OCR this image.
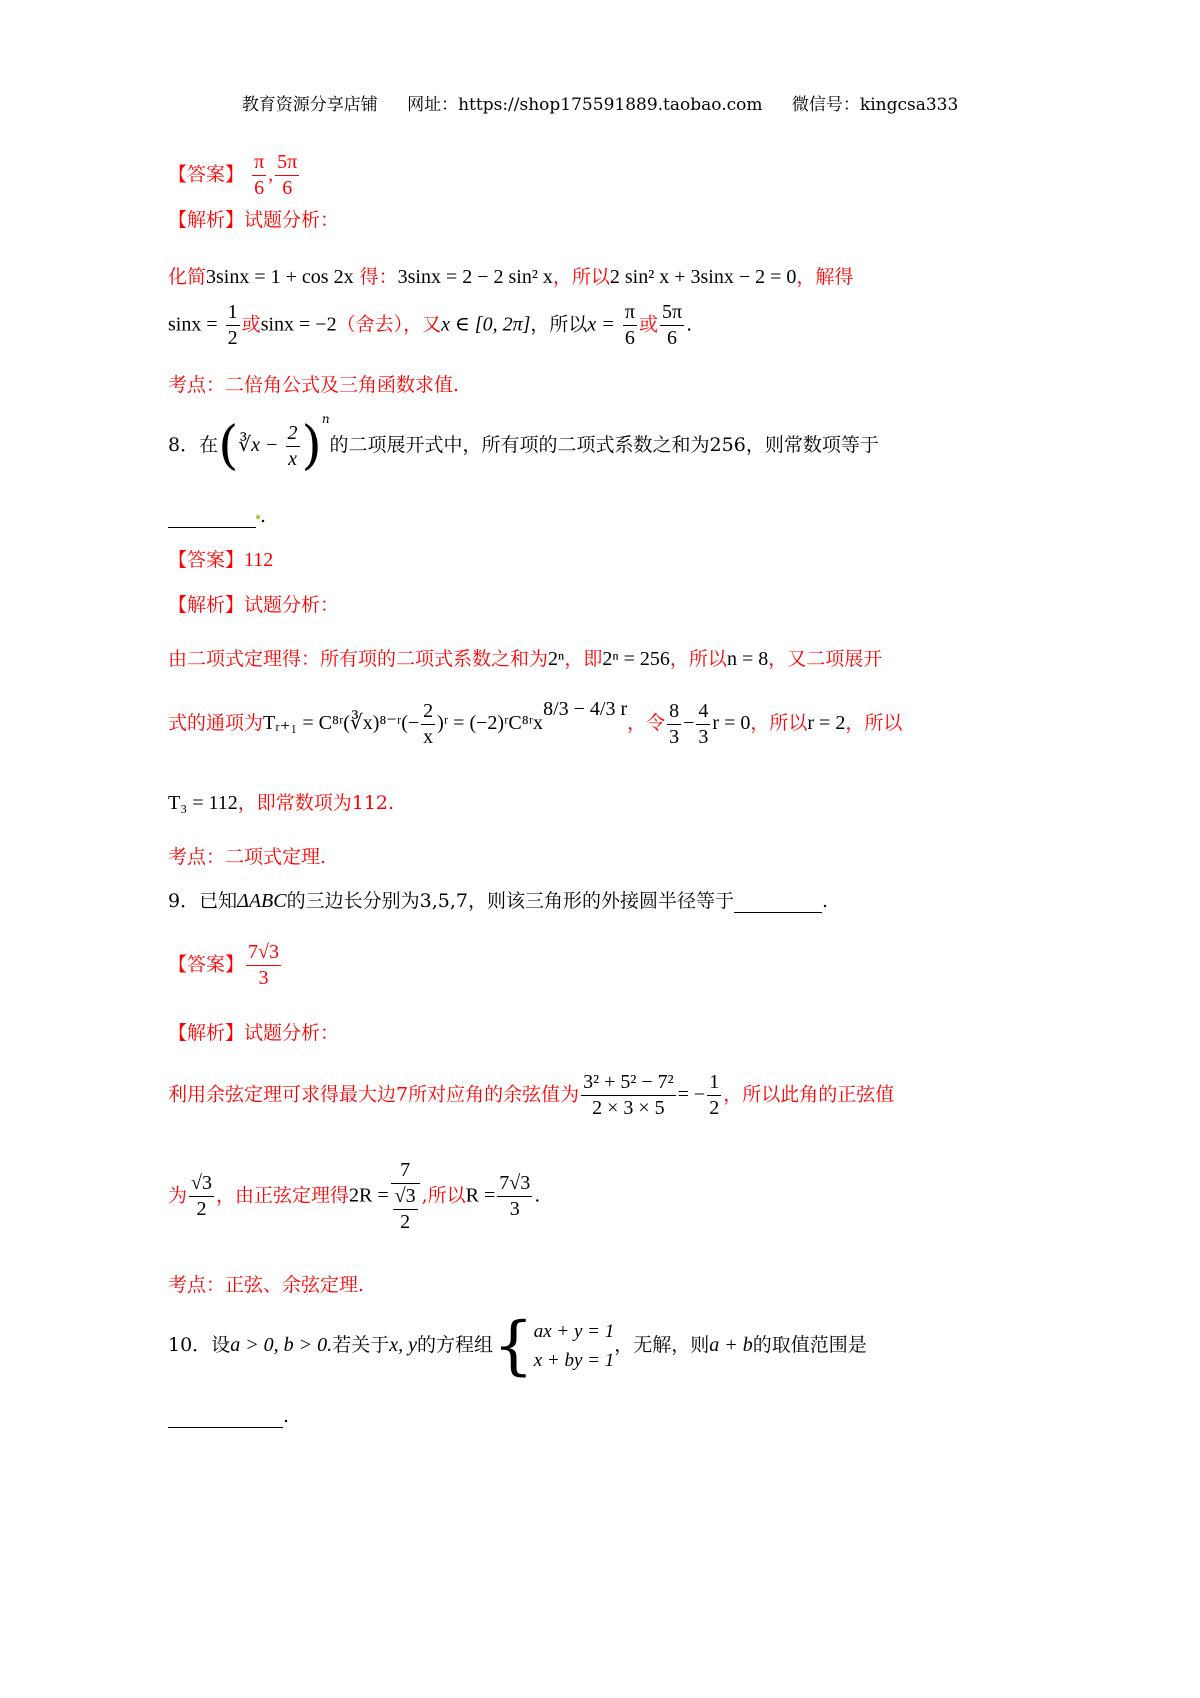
教育资源分享店铺 网址：https://shop175591889.taobao.com 微信号：kingcsa333
【答案】 $\frac{\pi}{6}$ , $\frac{5\pi}{6}$
【解析】试题分析：
化简3sinx = 1 + cos 2x 得：3sinx = 2 − 2 sin² x，所以2 sin² x + 3sinx − 2 = 0，解得
$\sin x = \frac{1}{2}$ 或sinx = −2（舍去），又x ∈ [0, 2π]，所以$x = \frac{\pi}{6}$ 或 $\frac{5\pi}{6}$ .
考点：二倍角公式及三角函数求值.
8．在(∛x − $\frac{2}{x} )^n$的二项展开式中，所有项的二项式系数之和为256，则常数项等于
.
【答案】112
【解析】试题分析：
由二项式定理得：所有项的二项式系数之和为2ⁿ，即2ⁿ = 256，所以n = 8，又二项展开
式的通项为Tᵣ₊₁ = C⁸ʳ(∛x)⁸⁻ʳ(− $\frac{2}{x}$ )ʳ = (−2)ʳC⁸ʳx$^{8/3 - 4/3 r}$，令 $\frac{8}{3} - \frac{4}{3}$ r = 0，所以r = 2，所以
T₃ = 112，即常数项为112.
考点：二项式定理.
9．已知ΔABC的三边长分别为3,5,7，则该三角形的外接圆半径等于	.
【答案】 $\frac{7√3}{3}$
【解析】试题分析：
利用余弦定理可求得最大边7所对应角的余弦值为 $\frac{\text{3² + 5² − 7²}}{2 \times 3 \times 5}$ = − $\frac{1}{2}$ ，所以此角的正弦值
为 $\frac{√3}{2}$ ，由正弦定理得$2R = \frac{7}{\frac{√3}{2}}$ ,所以$R = \frac{7√3}{3}$ .
考点：正弦、余弦定理.
10．设a > 0, b > 0.若关于x, y的方程组{ ax + y = 1
x + by = 1
，无解，则a + b的取值范围是
.
